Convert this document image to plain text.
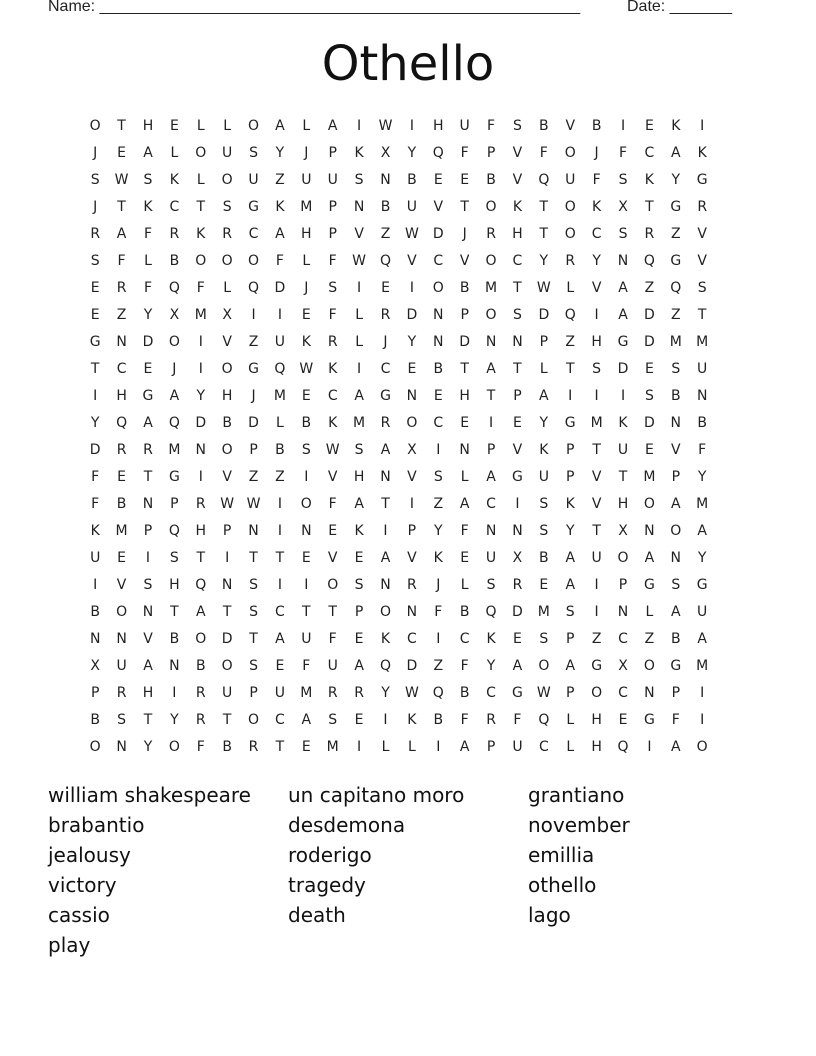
Name: ______________________________________________________	Date: _______
Othello
O	T	H	E	L	L	O	A	L	A	I	W	I	H	U	F	S	B	V	B	I	E	K	I
J	E	A	L	O	U	S	Y	J	P	K	X	Y	Q	F	P	V	F	O	J	F	C	A	K
S	W	S	K	L	O	U	Z	U	U	S	N	B	E	E	B	V	Q	U	F	S	K	Y	G
J	T	K	C	T	S	G	K	M	P	N	B	U	V	T	O	K	T	O	K	X	T	G	R
R	A	F	R	K	R	C	A	H	P	V	Z	W	D	J	R	H	T	O	C	S	R	Z	V
S	F	L	B	O	O	O	F	L	F	W Q	V	C	V	O	C	Y	R	Y	N	Q	G	V
E	R	F	Q	F	L	Q	D	J	S	I	E	I	O	B	M	T	W	L	V	A	Z	Q	S
E	Z	Y	X	M	X	I	I	E	F	L	R	D	N	P	O	S	D	Q	I	A	D	Z	T
G	N	D	O	I	V	Z	U	K	R	L	J	Y	N	D	N	N	P	Z	H	G	D	M	M
T	C	E	J	I	O	G	Q W	K	I	C	E	B	T	A	T	L	T	S	D	E	S	U
I	H	G	A	Y	H	J	M	E	C	A	G	N	E	H	T	P	A	I	I	I	S	B	N
Y	Q	A	Q	D	B	D	L	B	K	M	R	O	C	E	I	E	Y	G	M	K	D	N	B
D	R	R	M	N	O	P	B	S	W	S	A	X	I	N	P	V	K	P	T	U	E	V	F
F	E	T	G	I	V	Z	Z	I	V	H	N	V	S	L	A	G	U	P	V	T	M	P	Y
F	B	N	P	R	W W	I	O	F	A	T	I	Z	A	C	I	S	K	V	H	O	A	M
K	M	P	Q	H	P	N	I	N	E	K	I	P	Y	F	N	N	S	Y	T	X	N	O	A
U	E	I	S	T	I	T	T	E	V	E	A	V	K	E	U	X	B	A	U	O	A	N	Y
I	V	S	H	Q	N	S	I	I	O	S	N	R	J	L	S	R	E	A	I	P	G	S	G
B	O	N	T	A	T	S	C	T	T	P	O	N	F	B	Q	D	M	S	I	N	L	A	U
N	N	V	B	O	D	T	A	U	F	E	K	C	I	C	K	E	S	P	Z	C	Z	B	A
X	U	A	N	B	O	S	E	F	U	A	Q	D	Z	F	Y	A	O	A	G	X	O	G	M
P	R	H	I	R	U	P	U	M	R	R	Y	W Q	B	C	G	W	P	O	C	N	P	I
B	S	T	Y	R	T	O	C	A	S	E	I	K	B	F	R	F	Q	L	H	E	G	F	I
O	N	Y	O	F	B	R	T	E	M	I	L	L	I	A	P	U	C	L	H	Q	I	A	O
william shakespeare	un capitano moro	grantiano
brabantio	desdemona	november
jealousy	roderigo	emillia
victory	tragedy	othello
cassio	death	lago
play
